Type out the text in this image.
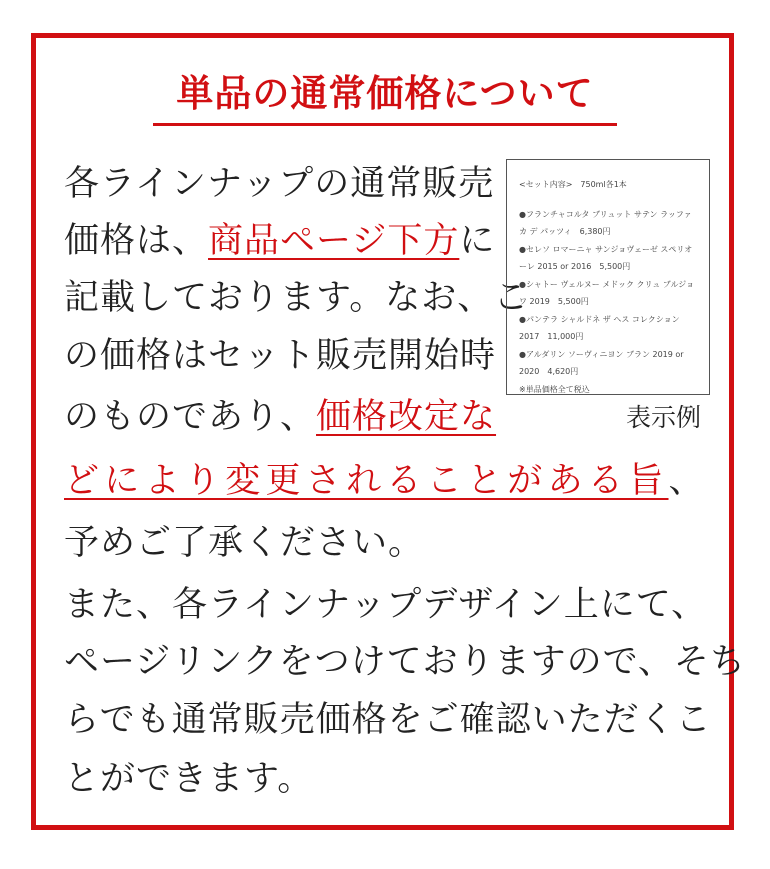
単品の通常価格について
各ラインナップの通常販売
価格は、商品ページ下方に
記載しております。なお、こ
の価格はセット販売開始時
のものであり、価格改定な
どにより変更されることがある旨、
予めご了承ください。
また、各ラインナップデザイン上にて、
ページリンクをつけておりますので、そち
らでも通常販売価格をご確認いただくこ
とができます。
<セット内容>　750ml各1本
●フランチャコルタ ブリュット サテン ラッファ カ デ パッツィ　6,380円
●セレソ ロマーニャ サンジョヴェーゼ スペリオーレ 2015 or 2016　5,500円
●シャトー ヴェルヌー メドック クリュ ブルジョワ 2019　5,500円
●パンテラ シャルドネ ザ ヘス コレクション 2017　11,000円
●アルダリン ソーヴィニヨン ブラン 2019 or 2020　4,620円
※単品価格全て税込
表示例
